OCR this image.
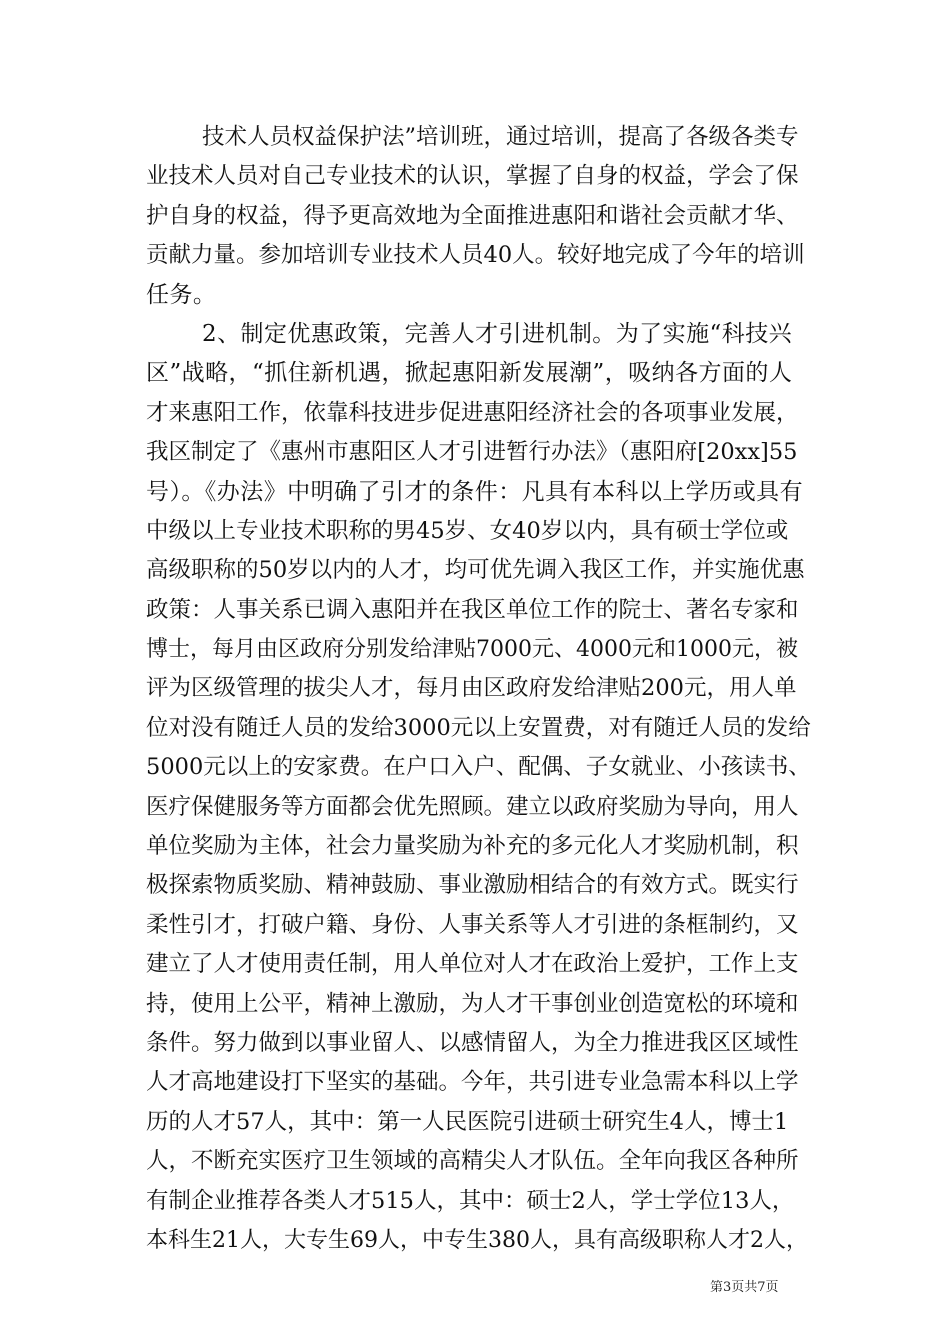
技术人员权益保护法”培训班，通过培训，提高了各级各类专
业技术人员对自己专业技术的认识，掌握了自身的权益，学会了保
护自身的权益，得予更高效地为全面推进惠阳和谐社会贡献才华、
贡献力量。参加培训专业技术人员40人。较好地完成了今年的培训
任务。
2、制定优惠政策，完善人才引进机制。为了实施“科技兴
区”战略，“抓住新机遇，掀起惠阳新发展潮”，吸纳各方面的人
才来惠阳工作，依靠科技进步促进惠阳经济社会的各项事业发展，
我区制定了《惠州市惠阳区人才引进暂行办法》（惠阳府[20xx]55
号）。《办法》中明确了引才的条件：凡具有本科以上学历或具有
中级以上专业技术职称的男45岁、女40岁以内，具有硕士学位或
高级职称的50岁以内的人才，均可优先调入我区工作，并实施优惠
政策：人事关系已调入惠阳并在我区单位工作的院士、著名专家和
博士，每月由区政府分别发给津贴7000元、4000元和1000元，被
评为区级管理的拔尖人才，每月由区政府发给津贴200元，用人单
位对没有随迁人员的发给3000元以上安置费，对有随迁人员的发给
5000元以上的安家费。在户口入户、配偶、子女就业、小孩读书、
医疗保健服务等方面都会优先照顾。建立以政府奖励为导向，用人
单位奖励为主体，社会力量奖励为补充的多元化人才奖励机制，积
极探索物质奖励、精神鼓励、事业激励相结合的有效方式。既实行
柔性引才，打破户籍、身份、人事关系等人才引进的条框制约，又
建立了人才使用责任制，用人单位对人才在政治上爱护，工作上支
持，使用上公平，精神上激励，为人才干事创业创造宽松的环境和
条件。努力做到以事业留人、以感情留人，为全力推进我区区域性
人才高地建设打下坚实的基础。今年，共引进专业急需本科以上学
历的人才57人，其中：第一人民医院引进硕士研究生4人，博士1
人，不断充实医疗卫生领域的高精尖人才队伍。全年向我区各种所
有制企业推荐各类人才515人，其中：硕士2人，学士学位13人，
本科生21人，大专生69人，中专生380人，具有高级职称人才2人，
第3页共7页
